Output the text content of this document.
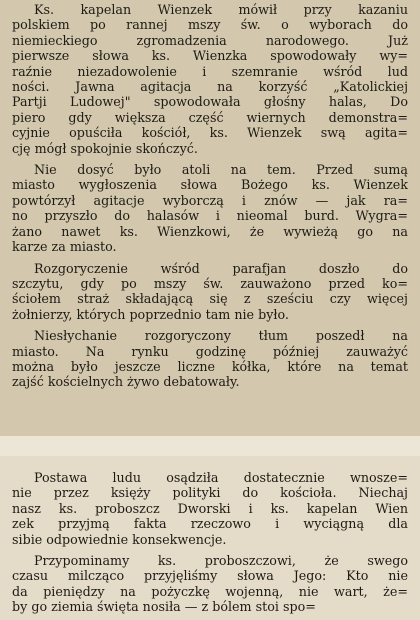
Ks. kapelan Wienzek mówił przy kazaniu
polskiem po rannej mszy św. o wyborach do
niemieckiego zgromadzenia narodowego. Już
pierwsze słowa ks. Wienzka spowodowały wy=
raźnie niezadowolenie i szemranie wśród lud
ności. Jawna agitacja na korzyść „Katolickiej
Partji Ludowej" spowodowała głośny halas, Do
piero gdy większa część wiernych demonstra=
cyjnie opuściła kościół, ks. Wienzek swą agita=
cję mógł spokojnie skończyć.
Nie dosyć było atoli na tem. Przed sumą
miasto wygłoszenia słowa Bożego ks. Wienzek
powtórzył agitacje wyborczą i znów — jak ra=
no przyszło do halasów i nieomal burd. Wygra=
żano nawet ks. Wienzkowi, że wywieżą go na
karze za miasto.
Rozgoryczenie wśród parafjan doszło do
szczytu, gdy po mszy św. zauważono przed ko=
ściołem straż składającą się z sześciu czy więcej
żołnierzy, których poprzednio tam nie było.
Niesłychanie rozgoryczony tłum poszedł na
miasto. Na rynku godzinę później zauważyć
można było jeszcze liczne kółka, które na temat
zajść kościelnych żywo debatowały.
Postawa ludu osądziła dostatecznie wnosze=
nie przez księży polityki do kościoła. Niechaj
nasz ks. proboszcz Dworski i ks. kapelan Wien
zek przyjmą fakta rzeczowo i wyciągną dla
sibie odpowiednie konsekwencje.
Przypominamy ks. proboszczowi, że swego
czasu milcząco przyjęliśmy słowa Jego: Kto nie
da pieniędzy na pożyczkę wojenną, nie wart, że=
by go ziemia święta nosiła — z bólem stoi spo=
